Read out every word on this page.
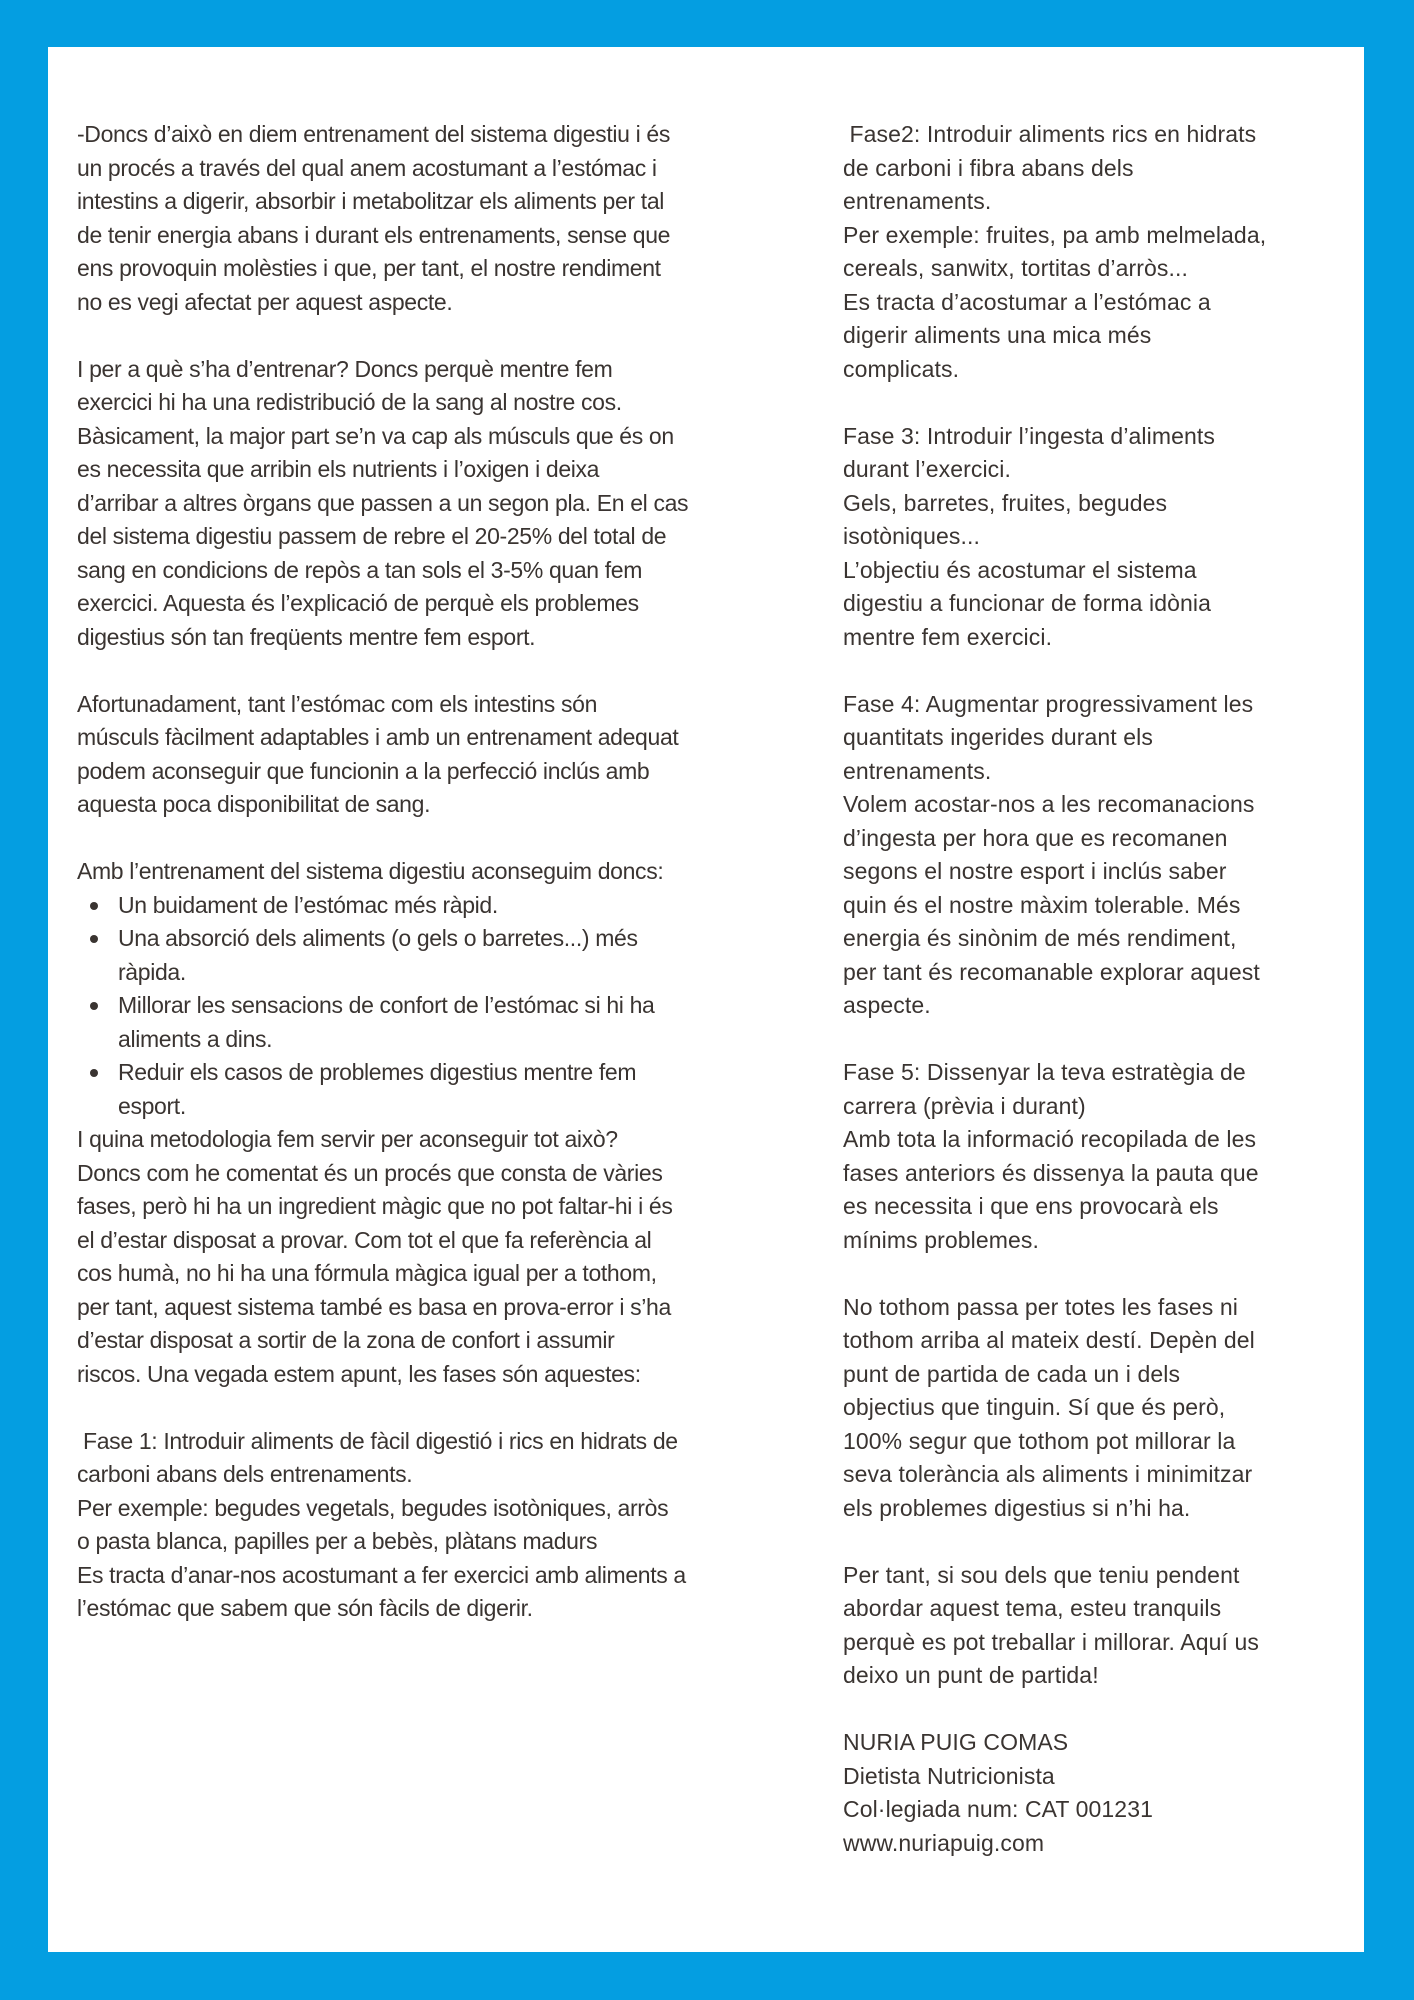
-Doncs d’això en diem entrenament del sistema digestiu i és
un procés a través del qual anem acostumant a l’estómac i
intestins a digerir, absorbir i metabolitzar els aliments per tal
de tenir energia abans i durant els entrenaments, sense que
ens provoquin molèsties i que, per tant, el nostre rendiment
no es vegi afectat per aquest aspecte.
I per a què s’ha d’entrenar? Doncs perquè mentre fem
exercici hi ha una redistribució de la sang al nostre cos.
Bàsicament, la major part se’n va cap als músculs que és on
es necessita que arribin els nutrients i l’oxigen i deixa
d’arribar a altres òrgans que passen a un segon pla. En el cas
del sistema digestiu passem de rebre el 20-25% del total de
sang en condicions de repòs a tan sols el 3-5% quan fem
exercici. Aquesta és l’explicació de perquè els problemes
digestius són tan freqüents mentre fem esport.
Afortunadament, tant l’estómac com els intestins són
músculs fàcilment adaptables i amb un entrenament adequat
podem aconseguir que funcionin a la perfecció inclús amb
aquesta poca disponibilitat de sang.
Amb l’entrenament del sistema digestiu aconseguim doncs:
Un buidament de l’estómac més ràpid.
Una absorció dels aliments (o gels o barretes...) més
ràpida.
Millorar les sensacions de confort de l’estómac si hi ha
aliments a dins.
Reduir els casos de problemes digestius mentre fem
esport.
I quina metodologia fem servir per aconseguir tot això?
Doncs com he comentat és un procés que consta de vàries
fases, però hi ha un ingredient màgic que no pot faltar-hi i és
el d’estar disposat a provar. Com tot el que fa referència al
cos humà, no hi ha una fórmula màgica igual per a tothom,
per tant, aquest sistema també es basa en prova-error i s’ha
d’estar disposat a sortir de la zona de confort i assumir
riscos. Una vegada estem apunt, les fases són aquestes:
Fase 1: Introduir aliments de fàcil digestió i rics en hidrats de
carboni abans dels entrenaments.
Per exemple: begudes vegetals, begudes isotòniques, arròs
o pasta blanca, papilles per a bebès, plàtans madurs
Es tracta d’anar-nos acostumant a fer exercici amb aliments a
l’estómac que sabem que són fàcils de digerir.
Fase2: Introduir aliments rics en hidrats
de carboni i fibra abans dels
entrenaments.
Per exemple: fruites, pa amb melmelada,
cereals, sanwitx, tortitas d’arròs...
Es tracta d’acostumar a l’estómac a
digerir aliments una mica més
complicats.
Fase 3: Introduir l’ingesta d’aliments
durant l’exercici.
Gels, barretes, fruites, begudes
isotòniques...
L’objectiu és acostumar el sistema
digestiu a funcionar de forma idònia
mentre fem exercici.
Fase 4: Augmentar progressivament les
quantitats ingerides durant els
entrenaments.
Volem acostar-nos a les recomanacions
d’ingesta per hora que es recomanen
segons el nostre esport i inclús saber
quin és el nostre màxim tolerable. Més
energia és sinònim de més rendiment,
per tant és recomanable explorar aquest
aspecte.
Fase 5: Dissenyar la teva estratègia de
carrera (prèvia i durant)
Amb tota la informació recopilada de les
fases anteriors és dissenya la pauta que
es necessita i que ens provocarà els
mínims problemes.
No tothom passa per totes les fases ni
tothom arriba al mateix destí. Depèn del
punt de partida de cada un i dels
objectius que tinguin. Sí que és però,
100% segur que tothom pot millorar la
seva tolerància als aliments i minimitzar
els problemes digestius si n’hi ha.
Per tant, si sou dels que teniu pendent
abordar aquest tema, esteu tranquils
perquè es pot treballar i millorar. Aquí us
deixo un punt de partida!
NURIA PUIG COMAS
Dietista Nutricionista
Col·legiada num: CAT 001231
www.nuriapuig.com
